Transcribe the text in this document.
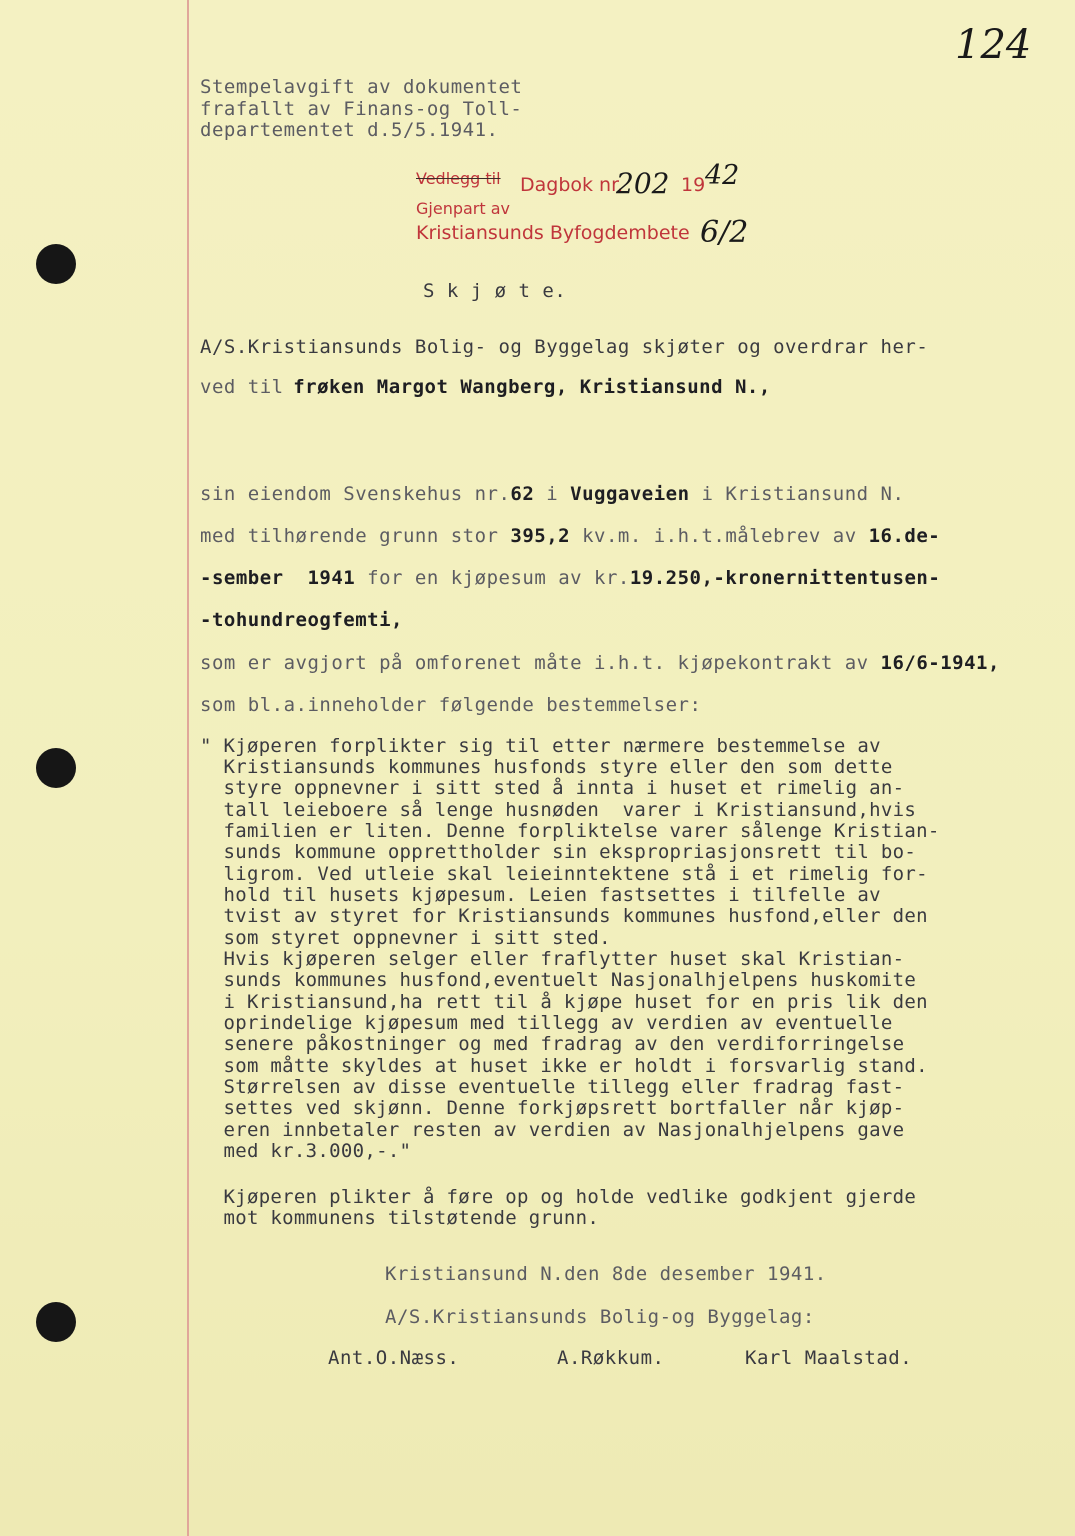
124
Stempelavgift av dokumentet
frafallt av Finans-og Toll-
departementet d.5/5.1941.
Vedlegg til Dagbok nr.
202 19 42
Gjenpart av
Kristiansunds Byfogdembete 6/2
S k j ø t e.
A/S.Kristiansunds Bolig- og Byggelag skjøter og overdrar her-
ved til frøken Margot Wangberg, Kristiansund N.,
sin eiendom Svenskehus nr.62 i Vuggaveien i Kristiansund N.
med tilhørende grunn stor 395,2 kv.m. i.h.t.målebrev av 16.de-
-sember 1941 for en kjøpesum av kr.19.250,-kronernittentusen-
-tohundreogfemti,
som er avgjort på omforenet måte i.h.t. kjøpekontrakt av 16/6-1941,
som bl.a.inneholder følgende bestemmelser:
" Kjøperen forplikter sig til etter nærmere bestemmelse av
Kristiansunds kommunes husfonds styre eller den som dette
styre oppnevner i sitt sted å innta i huset et rimelig an-
tall leieboere så lenge husnøden  varer i Kristiansund,hvis
familien er liten. Denne forpliktelse varer sålenge Kristian-
sunds kommune opprettholder sin ekspropriasjonsrett til bo-
ligrom. Ved utleie skal leieinntektene stå i et rimelig for-
hold til husets kjøpesum. Leien fastsettes i tilfelle av
tvist av styret for Kristiansunds kommunes husfond,eller den
som styret oppnevner i sitt sted.
Hvis kjøperen selger eller fraflytter huset skal Kristian-
sunds kommunes husfond,eventuelt Nasjonalhjelpens huskomite
i Kristiansund,ha rett til å kjøpe huset for en pris lik den
oprindelige kjøpesum med tillegg av verdien av eventuelle
senere påkostninger og med fradrag av den verdiforringelse
som måtte skyldes at huset ikke er holdt i forsvarlig stand.
Størrelsen av disse eventuelle tillegg eller fradrag fast-
settes ved skjønn. Denne forkjøpsrett bortfaller når kjøp-
eren innbetaler resten av verdien av Nasjonalhjelpens gave
med kr.3.000,-."
Kjøperen plikter å føre op og holde vedlike godkjent gjerde
mot kommunens tilstøtende grunn.
Kristiansund N.den 8de desember 1941.
A/S.Kristiansunds Bolig-og Byggelag:
Ant.O.Næss.	A.Røkkum.	Karl Maalstad.
